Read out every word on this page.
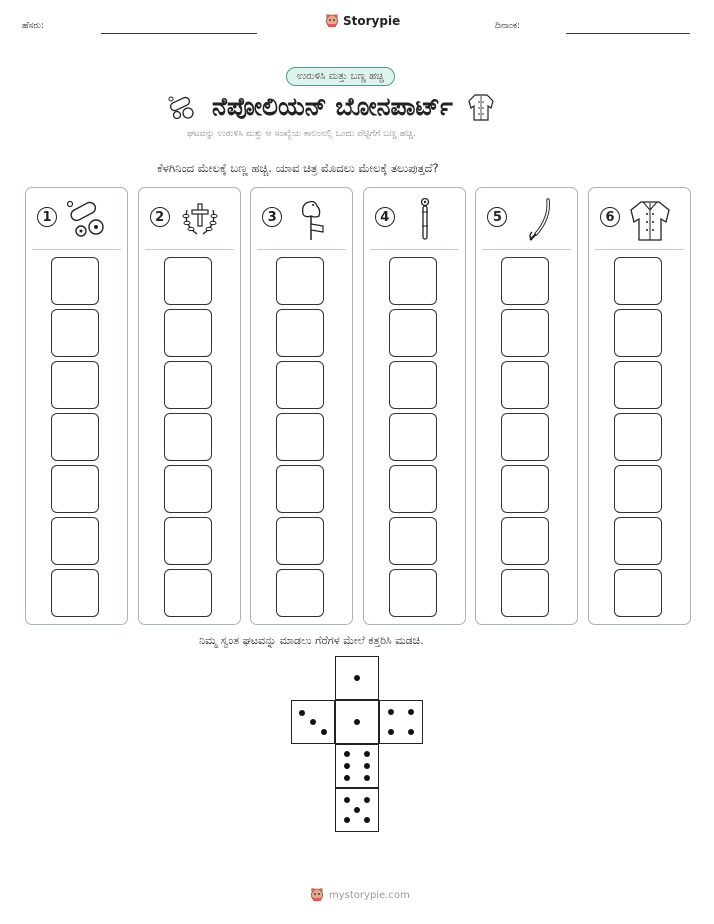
ಹೆಸರು:	Storypie	ದಿನಾಂಕ:
ಉರುಳಿಸಿ ಮತ್ತು ಬಣ್ಣ ಹಚ್ಚಿ
ನೆಪೋಲಿಯನ್ ಬೋನಪಾರ್ಟ್
ಘಟವನ್ನು ಉರುಳಿಸಿ ಮತ್ತು ಆ ಸಂಖ್ಯೆಯ ಕಾಲಂನಲ್ಲಿ ಒಂದು ಪೆಟ್ಟಿಗೆಗೆ ಬಣ್ಣ ಹಚ್ಚಿ.
ಕೆಳಗಿನಿಂದ ಮೇಲಕ್ಕೆ ಬಣ್ಣ ಹಚ್ಚಿ. ಯಾವ ಚಿತ್ರ ಮೊದಲು ಮೇಲಕ್ಕೆ ತಲುಪುತ್ತದೆ?
1	2	3	4	5	6
ನಿಮ್ಮ ಸ್ವಂತ ಘಟವನ್ನು ಮಾಡಲು ಗೆರೆಗಳ ಮೇಲೆ ಕತ್ತರಿಸಿ ಮಡಚಿ.
mystorypie.com
